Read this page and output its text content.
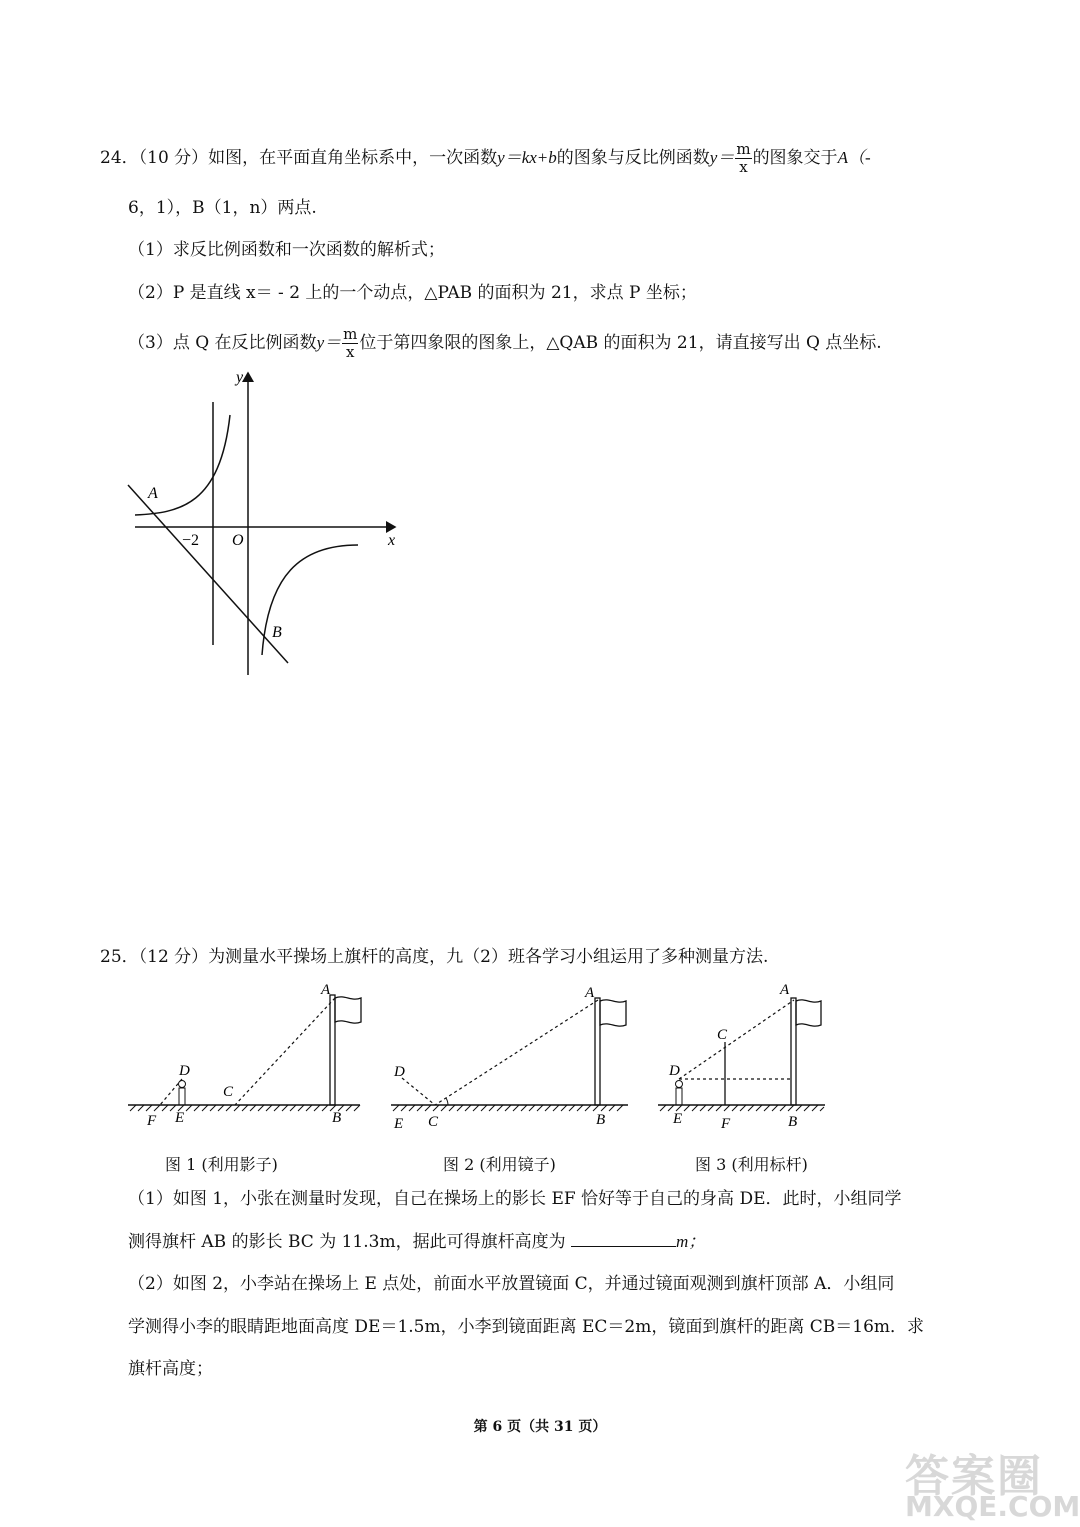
24．（10 分）如图，在平面直角坐标系中，一次函数y＝kx+b的图象与反比例函数$y= \frac{m}{x}$ 的图象交于A（-
6，1），B（1，n）两点.
（1）求反比例函数和一次函数的解析式；
（2）P 是直线 x＝ - 2 上的一个动点，△PAB 的面积为 21，求点 P 坐标；
（3）点 Q 在反比例函数$y= \frac{m}{x}$ 位于第四象限的图象上，△QAB 的面积为 21，请直接写出 Q 点坐标.
y
x
A
B
O
−2
25．（12 分）为测量水平操场上旗杆的高度，九（2）班各学习小组运用了多种测量方法.
A
D
C
F E	B
图 1 (利用影子)
A
D
E C	B
图 2 (利用镜子)
A
C
D
E	F	B
图 3 (利用标杆)
（1）如图 1，小张在测量时发现，自己在操场上的影长 EF 恰好等于自己的身高 DE．此时，小组同学
测得旗杆 AB 的影长 BC 为 11.3m，据此可得旗杆高度为	m；
（2）如图 2，小李站在操场上 E 点处，前面水平放置镜面 C，并通过镜面观测到旗杆顶部 A．小组同
学测得小李的眼睛距地面高度 DE＝1.5m，小李到镜面距离 EC＝2m，镜面到旗杆的距离 CB＝16m．求
旗杆高度；
第 6 页（共 31 页）
答案圈
MXQE.COM
